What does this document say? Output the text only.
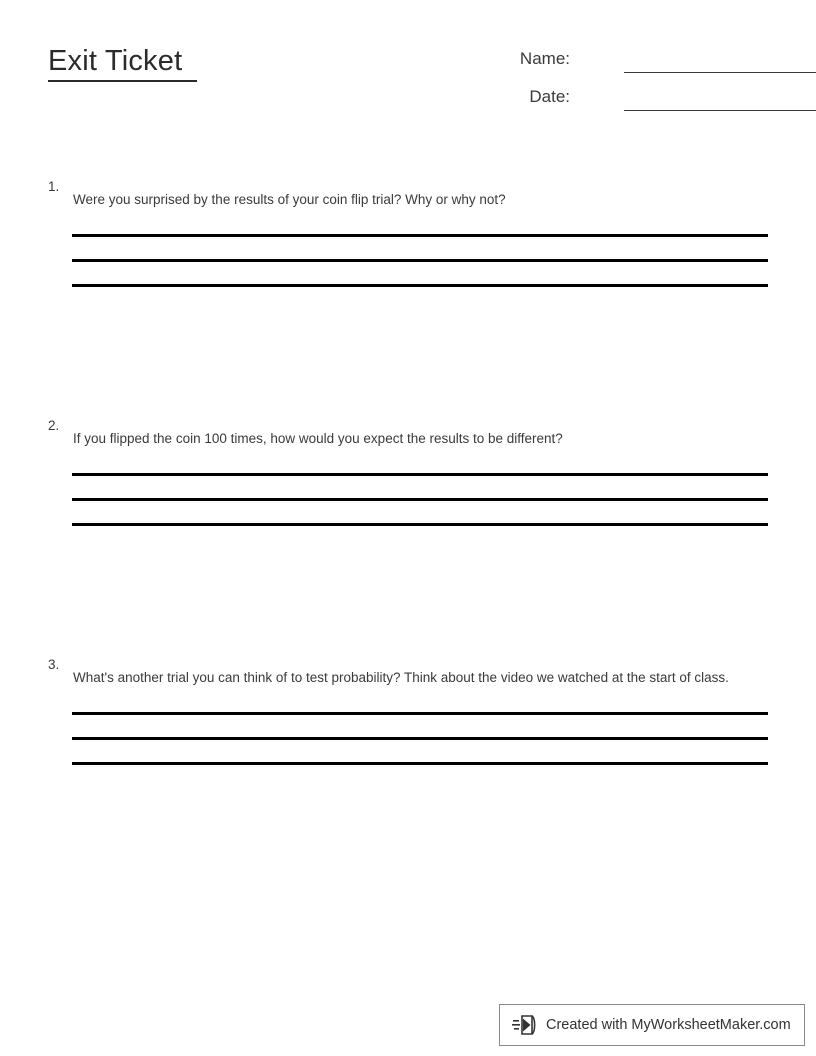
Exit Ticket	Name:
Date:
1.
Were you surprised by the results of your coin flip trial? Why or why not?
2.
If you flipped the coin 100 times, how would you expect the results to be different?
3.
What's another trial you can think of to test probability? Think about the video we watched at the start of class.
Created with MyWorksheetMaker.com
